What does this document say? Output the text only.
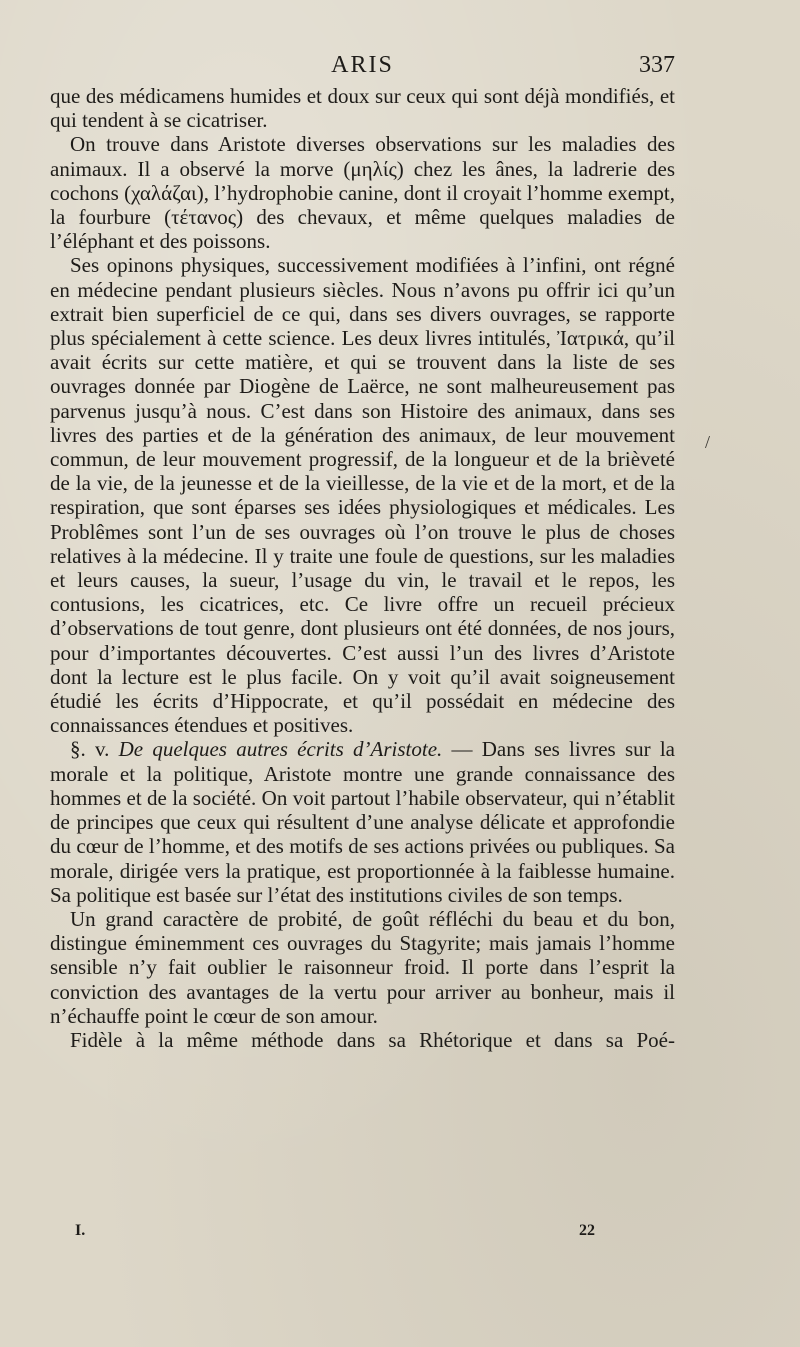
ARIS	337

que des médicamens humides et doux sur ceux qui sont déjà mondifiés, et qui tendent à se cicatriser.

On trouve dans Aristote diverses observations sur les maladies des animaux. Il a observé la morve (μηλίς) chez les ânes, la ladrerie des cochons (χαλάζαι), l’hydrophobie canine, dont il croyait l’homme exempt, la fourbure (τέτανος) des chevaux, et même quelques maladies de l’éléphant et des poissons.

Ses opinons physiques, successivement modifiées à l’infini, ont régné en médecine pendant plusieurs siècles. Nous n’avons pu offrir ici qu’un extrait bien superficiel de ce qui, dans ses divers ouvrages, se rapporte plus spécialement à cette science. Les deux livres intitulés, Ἰατρικά, qu’il avait écrits sur cette matière, et qui se trouvent dans la liste de ses ouvrages donnée par Diogène de Laërce, ne sont malheureusement pas parvenus jusqu’à nous. C’est dans son Histoire des animaux, dans ses livres des parties et de la génération des animaux, de leur mouvement commun, de leur mouvement progressif, de la longueur et de la brièveté de la vie, de la jeunesse et de la vieillesse, de la vie et de la mort, et de la respiration, que sont éparses ses idées physiologiques et médicales. Les Problêmes sont l’un de ses ouvrages où l’on trouve le plus de choses relatives à la médecine. Il y traite une foule de questions, sur les maladies et leurs causes, la sueur, l’usage du vin, le travail et le repos, les contusions, les cicatrices, etc. Ce livre offre un recueil précieux d’observations de tout genre, dont plusieurs ont été données, de nos jours, pour d’importantes découvertes. C’est aussi l’un des livres d’Aristote dont la lecture est le plus facile. On y voit qu’il avait soigneusement étudié les écrits d’Hippocrate, et qu’il possédait en médecine des connaissances étendues et positives.

§. v. De quelques autres écrits d’Aristote. — Dans ses livres sur la morale et la politique, Aristote montre une grande connaissance des hommes et de la société. On voit partout l’habile observateur, qui n’établit de principes que ceux qui résultent d’une analyse délicate et approfondie du cœur de l’homme, et des motifs de ses actions privées ou publiques. Sa morale, dirigée vers la pratique, est proportionnée à la faiblesse humaine. Sa politique est basée sur l’état des institutions civiles de son temps.

Un grand caractère de probité, de goût réfléchi du beau et du bon, distingue éminemment ces ouvrages du Stagyrite; mais jamais l’homme sensible n’y fait oublier le raisonneur froid. Il porte dans l’esprit la conviction des avantages de la vertu pour arriver au bonheur, mais il n’échauffe point le cœur de son amour.

Fidèle à la même méthode dans sa Rhétorique et dans sa Poé-

/
I.	22
